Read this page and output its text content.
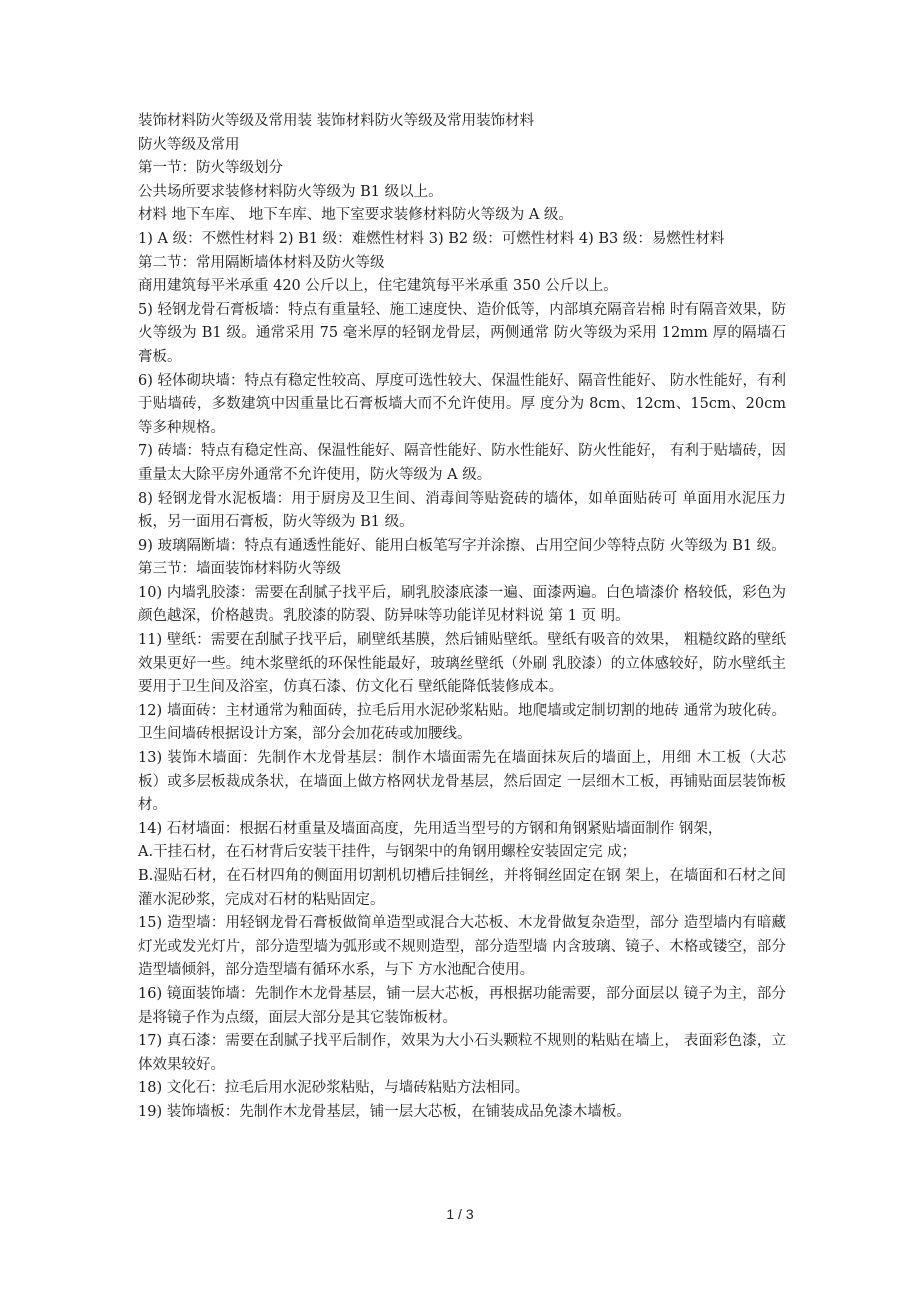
装饰材料防火等级及常用装 装饰材料防火等级及常用装饰材料

防火等级及常用

第一节：防火等级划分

公共场所要求装修材料防火等级为 B1 级以上。

材料 地下车库、 地下车库、地下室要求装修材料防火等级为 A 级。

1) A 级：不燃性材料 2) B1 级：难燃性材料 3) B2 级：可燃性材料 4) B3 级：易燃性材料

第二节：常用隔断墙体材料及防火等级

商用建筑每平米承重 420 公斤以上，住宅建筑每平米承重 350 公斤以上。

5) 轻钢龙骨石膏板墙：特点有重量轻、施工速度快、造价低等，内部填充隔音岩棉 时有隔音效果，防火等级为 B1 级。通常采用 75 毫米厚的轻钢龙骨层，两侧通常 防火等级为采用 12mm 厚的隔墙石膏板。

6) 轻体砌块墙：特点有稳定性较高、厚度可选性较大、保温性能好、隔音性能好、 防水性能好，有利于贴墙砖，多数建筑中因重量比石膏板墙大而不允许使用。厚 度分为 8cm、12cm、15cm、20cm 等多种规格。

7) 砖墙：特点有稳定性高、保温性能好、隔音性能好、防水性能好、防火性能好， 有利于贴墙砖，因重量太大除平房外通常不允许使用，防火等级为 A 级。

8) 轻钢龙骨水泥板墙：用于厨房及卫生间、消毒间等贴瓷砖的墙体，如单面贴砖可 单面用水泥压力板，另一面用石膏板，防火等级为 B1 级。

9) 玻璃隔断墙：特点有通透性能好、能用白板笔写字并涂擦、占用空间少等特点防 火等级为 B1 级。

第三节：墙面装饰材料防火等级

10) 内墙乳胶漆：需要在刮腻子找平后，刷乳胶漆底漆一遍、面漆两遍。白色墙漆价 格较低，彩色为颜色越深，价格越贵。乳胶漆的防裂、防异味等功能详见材料说 第 1 页 明。

11) 壁纸：需要在刮腻子找平后，刷壁纸基膜，然后铺贴壁纸。壁纸有吸音的效果， 粗糙纹路的壁纸效果更好一些。纯木浆壁纸的环保性能最好，玻璃丝壁纸（外刷 乳胶漆）的立体感较好，防水壁纸主要用于卫生间及浴室，仿真石漆、仿文化石 壁纸能降低装修成本。

12) 墙面砖：主材通常为釉面砖，拉毛后用水泥砂浆粘贴。地爬墙或定制切割的地砖 通常为玻化砖。卫生间墙砖根据设计方案，部分会加花砖或加腰线。

13) 装饰木墙面：先制作木龙骨基层：制作木墙面需先在墙面抹灰后的墙面上，用细 木工板（大芯板）或多层板裁成条状，在墙面上做方格网状龙骨基层，然后固定 一层细木工板，再铺贴面层装饰板材。

14) 石材墙面：根据石材重量及墙面高度，先用适当型号的方钢和角钢紧贴墙面制作 钢架，

A.干挂石材，在石材背后安装干挂件，与钢架中的角钢用螺栓安装固定完 成；

B.湿贴石材，在石材四角的侧面用切割机切槽后挂铜丝，并将铜丝固定在钢 架上，在墙面和石材之间灌水泥砂浆，完成对石材的粘贴固定。

15) 造型墙：用轻钢龙骨石膏板做简单造型或混合大芯板、木龙骨做复杂造型，部分 造型墙内有暗藏灯光或发光灯片，部分造型墙为弧形或不规则造型，部分造型墙 内含玻璃、镜子、木格或镂空，部分造型墙倾斜，部分造型墙有循环水系，与下 方水池配合使用。

16) 镜面装饰墙：先制作木龙骨基层，铺一层大芯板，再根据功能需要，部分面层以 镜子为主，部分是将镜子作为点缀，面层大部分是其它装饰板材。

17) 真石漆：需要在刮腻子找平后制作，效果为大小石头颗粒不规则的粘贴在墙上， 表面彩色漆，立体效果较好。

18) 文化石：拉毛后用水泥砂浆粘贴，与墙砖粘贴方法相同。

19) 装饰墙板：先制作木龙骨基层，铺一层大芯板，在铺装成品免漆木墙板。

1 / 3
